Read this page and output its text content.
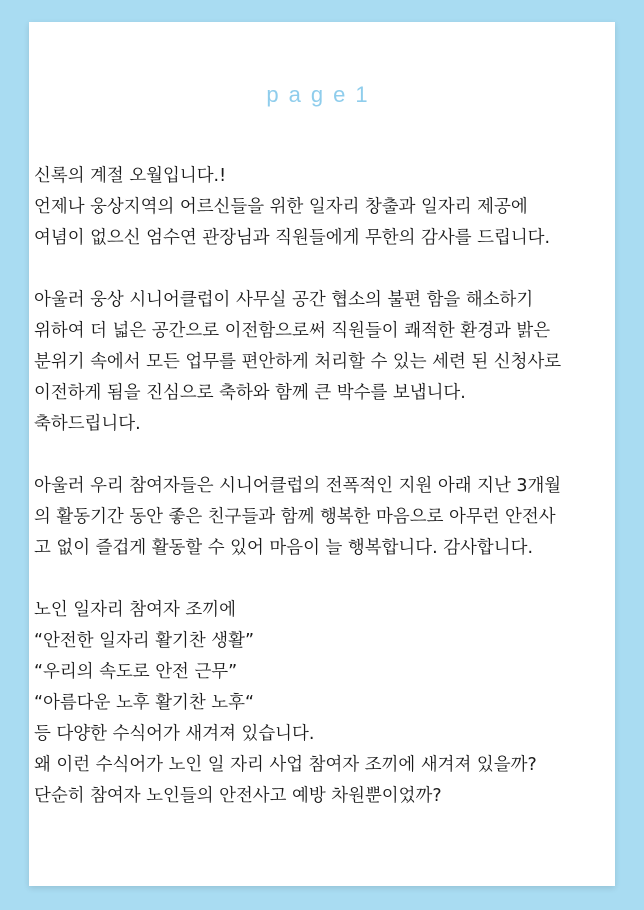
page1
신록의 계절 오월입니다.!
언제나 웅상지역의 어르신들을 위한 일자리 창출과 일자리 제공에
여념이 없으신 엄수연 관장님과 직원들에게 무한의 감사를 드립니다.
아울러 웅상 시니어클럽이 사무실 공간 협소의 불편 함을 해소하기
위하여 더 넓은 공간으로 이전함으로써 직원들이 쾌적한 환경과 밝은
분위기 속에서 모든 업무를 편안하게 처리할 수 있는 세련 된 신청사로
이전하게 됨을 진심으로 축하와 함께 큰 박수를 보냅니다.
축하드립니다.
아울러 우리 참여자들은 시니어클럽의 전폭적인 지원 아래 지난 3개월
의 활동기간 동안 좋은 친구들과 함께 행복한 마음으로 아무런 안전사
고 없이 즐겁게 활동할 수 있어 마음이 늘 행복합니다. 감사합니다.
노인 일자리 참여자 조끼에
“안전한 일자리 활기찬 생활”
“우리의 속도로 안전 근무”
“아름다운 노후 활기찬 노후“
등 다양한 수식어가 새겨져 있습니다.
왜 이런 수식어가 노인 일 자리 사업 참여자 조끼에 새겨져 있을까?
단순히 참여자 노인들의 안전사고 예방 차원뿐이었까?
